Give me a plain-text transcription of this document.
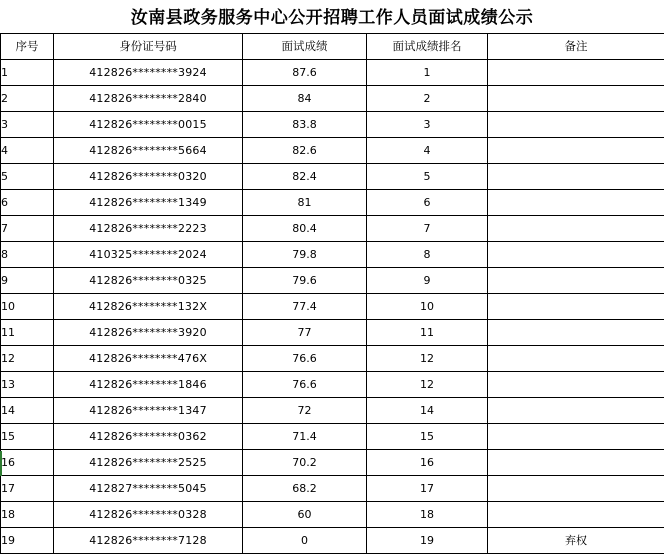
汝南县政务服务中心公开招聘工作人员面试成绩公示
序号	身份证号码	面试成绩	面试成绩排名	备注
1	412826********3924	87.6	1	
2	412826********2840	84	2	
3	412826********0015	83.8	3	
4	412826********5664	82.6	4	
5	412826********0320	82.4	5	
6	412826********1349	81	6	
7	412826********2223	80.4	7	
8	410325********2024	79.8	8	
9	412826********0325	79.6	9	
10	412826********132X	77.4	10	
11	412826********3920	77	11	
12	412826********476X	76.6	12	
13	412826********1846	76.6	12	
14	412826********1347	72	14	
15	412826********0362	71.4	15	
16	412826********2525	70.2	16	
17	412827********5045	68.2	17	
18	412826********0328	60	18	
19	412826********7128	0	19	弃权
